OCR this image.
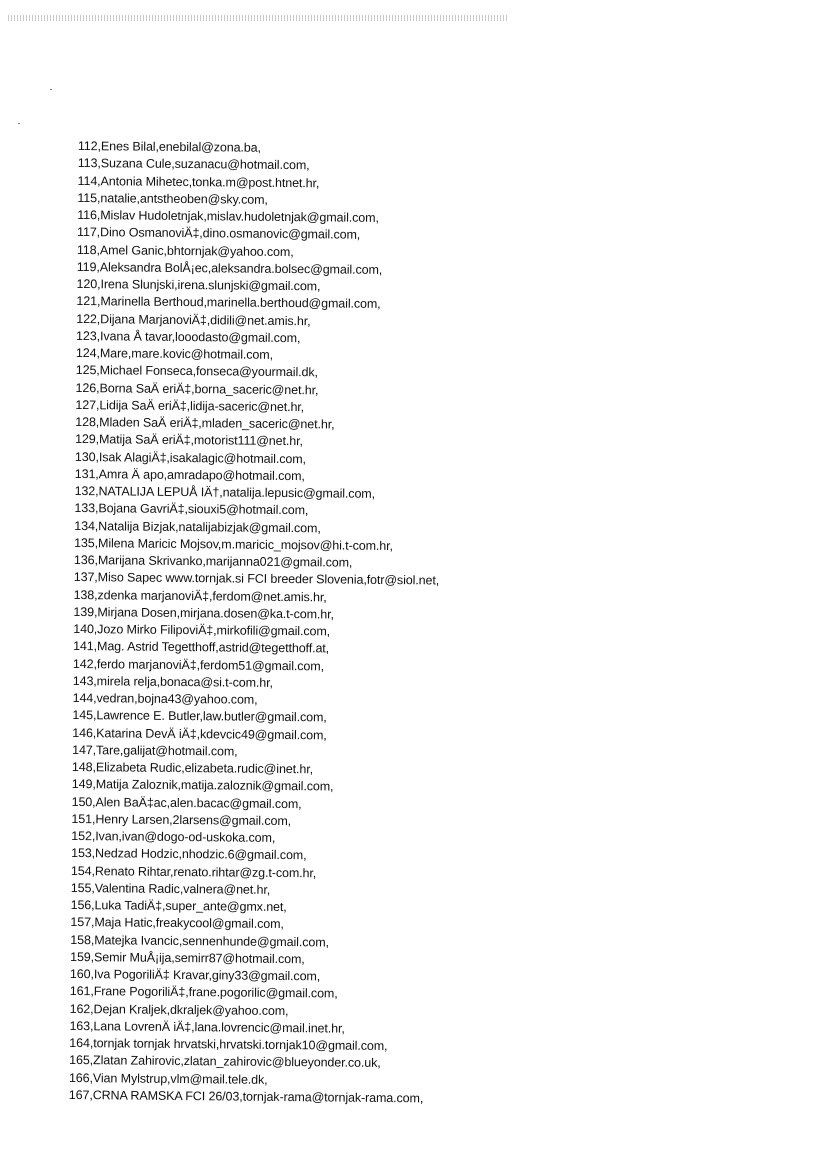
112,Enes Bilal,enebilal@zona.ba,
113,Suzana Cule,suzanacu@hotmail.com,
114,Antonia Mihetec,tonka.m@post.htnet.hr,
115,natalie,antstheoben@sky.com,
116,Mislav Hudoletnjak,mislav.hudoletnjak@gmail.com,
117,Dino OsmanoviÄ‡,dino.osmanovic@gmail.com,
118,Amel Ganic,bhtornjak@yahoo.com,
119,Aleksandra BolÅ¡ec,aleksandra.bolsec@gmail.com,
120,Irena Slunjski,irena.slunjski@gmail.com,
121,Marinella Berthoud,marinella.berthoud@gmail.com,
122,Dijana MarjanoviÄ‡,didili@net.amis.hr,
123,Ivana Å tavar,looodasto@gmail.com,
124,Mare,mare.kovic@hotmail.com,
125,Michael Fonseca,fonseca@yourmail.dk,
126,Borna SaÄ eriÄ‡,borna_saceric@net.hr,
127,Lidija SaÄ eriÄ‡,lidija-saceric@net.hr,
128,Mladen SaÄ eriÄ‡,mladen_saceric@net.hr,
129,Matija SaÄ eriÄ‡,motorist111@net.hr,
130,Isak AlagiÄ‡,isakalagic@hotmail.com,
131,Amra Ä apo,amradapo@hotmail.com,
132,NATALIJA LEPUÅ IÄ†,natalija.lepusic@gmail.com,
133,Bojana GavriÄ‡,siouxi5@hotmail.com,
134,Natalija Bizjak,natalijabizjak@gmail.com,
135,Milena Maricic Mojsov,m.maricic_mojsov@hi.t-com.hr,
136,Marijana Skrivanko,marijanna021@gmail.com,
137,Miso Sapec www.tornjak.si FCI breeder Slovenia,fotr@siol.net,
138,zdenka marjanoviÄ‡,ferdom@net.amis.hr,
139,Mirjana Dosen,mirjana.dosen@ka.t-com.hr,
140,Jozo Mirko FilipoviÄ‡,mirkofili@gmail.com,
141,Mag. Astrid Tegetthoff,astrid@tegetthoff.at,
142,ferdo marjanoviÄ‡,ferdom51@gmail.com,
143,mirela relja,bonaca@si.t-com.hr,
144,vedran,bojna43@yahoo.com,
145,Lawrence E. Butler,law.butler@gmail.com,
146,Katarina DevÄ iÄ‡,kdevcic49@gmail.com,
147,Tare,galijat@hotmail.com,
148,Elizabeta Rudic,elizabeta.rudic@inet.hr,
149,Matija Zaloznik,matija.zaloznik@gmail.com,
150,Alen BaÄ‡ac,alen.bacac@gmail.com,
151,Henry Larsen,2larsens@gmail.com,
152,Ivan,ivan@dogo-od-uskoka.com,
153,Nedzad Hodzic,nhodzic.6@gmail.com,
154,Renato Rihtar,renato.rihtar@zg.t-com.hr,
155,Valentina Radic,valnera@net.hr,
156,Luka TadiÄ‡,super_ante@gmx.net,
157,Maja Hatic,freakycool@gmail.com,
158,Matejka Ivancic,sennenhunde@gmail.com,
159,Semir MuÅ¡ija,semirr87@hotmail.com,
160,Iva PogoriliÄ‡ Kravar,giny33@gmail.com,
161,Frane PogoriliÄ‡,frane.pogorilic@gmail.com,
162,Dejan Kraljek,dkraljek@yahoo.com,
163,Lana LovrenÄ iÄ‡,lana.lovrencic@mail.inet.hr,
164,tornjak tornjak hrvatski,hrvatski.tornjak10@gmail.com,
165,Zlatan Zahirovic,zlatan_zahirovic@blueyonder.co.uk,
166,Vian Mylstrup,vlm@mail.tele.dk,
167,CRNA RAMSKA FCI 26/03,tornjak-rama@tornjak-rama.com,
